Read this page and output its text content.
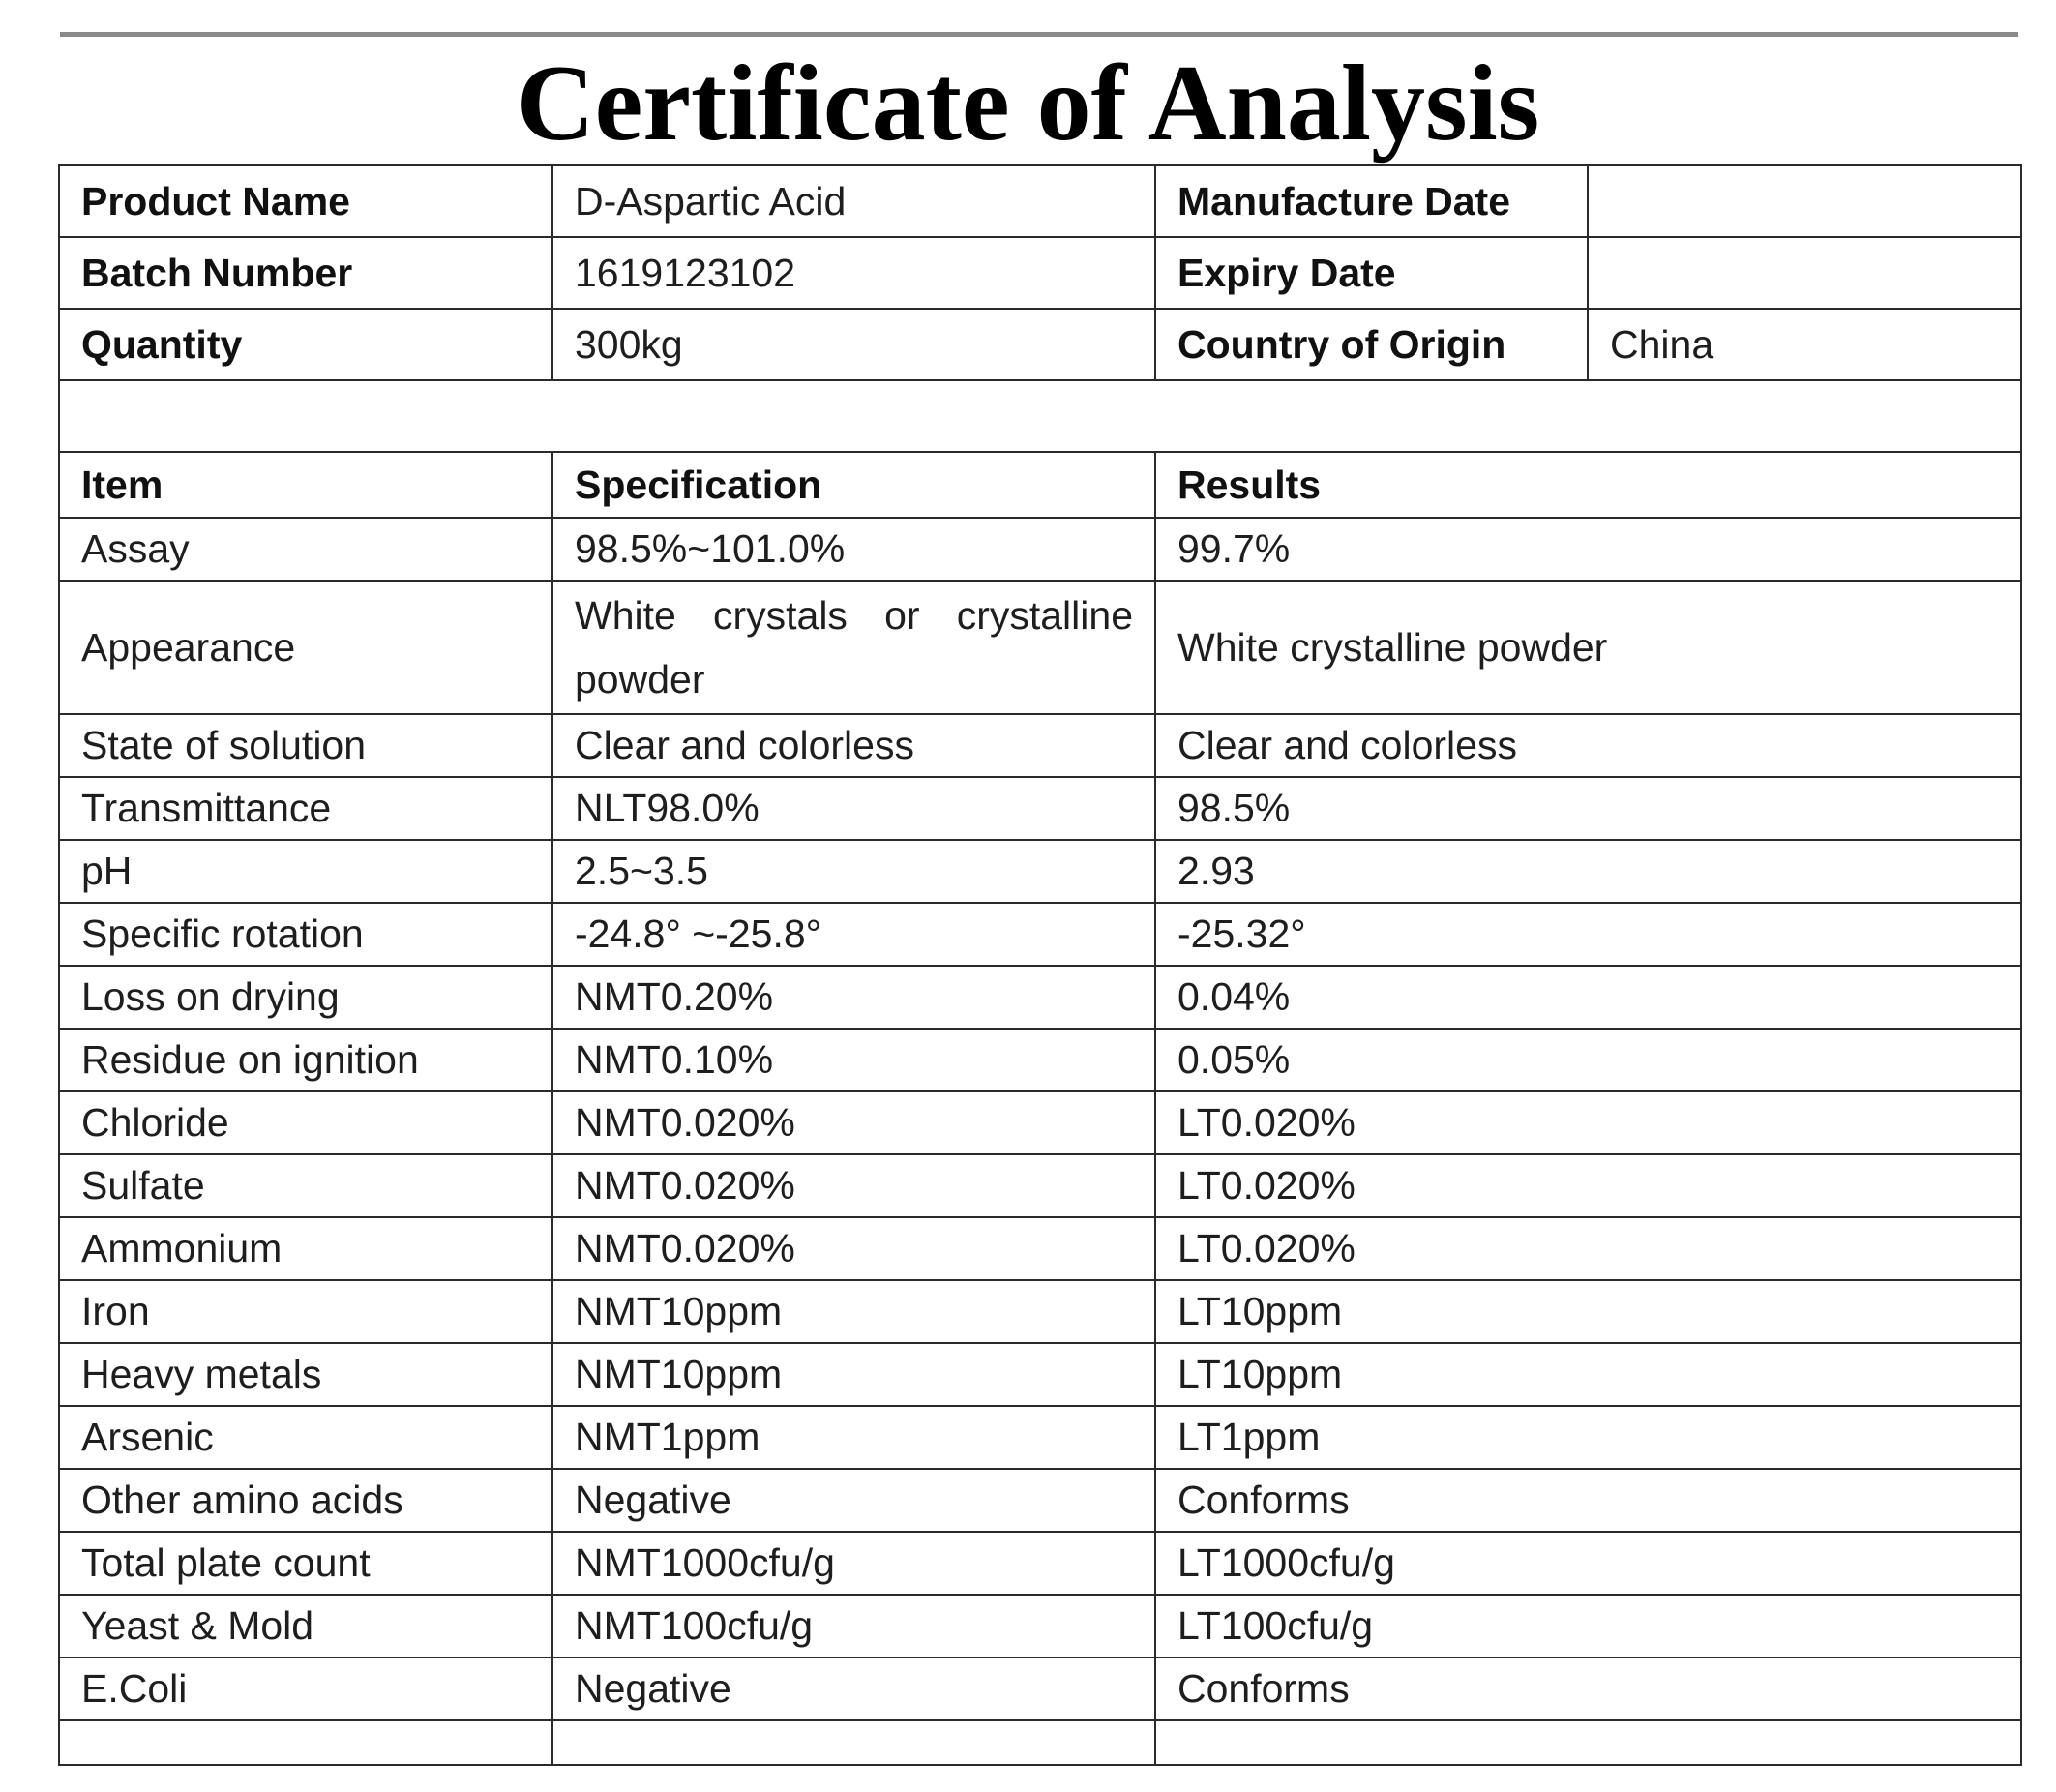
Certificate of Analysis
Product Name	D-Aspartic Acid	Manufacture Date	
Batch Number	1619123102	Expiry Date	
Quantity	300kg	Country of Origin	China

Item	Specification	Results	
Assay	98.5%~101.0%	99.7%	
Appearance	White crystals or crystalline powder	White crystalline powder	
State of solution	Clear and colorless	Clear and colorless	
Transmittance	NLT98.0%	98.5%	
pH	2.5~3.5	2.93	
Specific rotation	-24.8° ~-25.8°	-25.32°	
Loss on drying	NMT0.20%	0.04%	
Residue on ignition	NMT0.10%	0.05%	
Chloride	NMT0.020%	LT0.020%	
Sulfate	NMT0.020%	LT0.020%	
Ammonium	NMT0.020%	LT0.020%	
Iron	NMT10ppm	LT10ppm	
Heavy metals	NMT10ppm	LT10ppm	
Arsenic	NMT1ppm	LT1ppm	
Other amino acids	Negative	Conforms	
Total plate count	NMT1000cfu/g	LT1000cfu/g	
Yeast & Mold	NMT100cfu/g	LT100cfu/g	
E.Coli	Negative	Conforms	
